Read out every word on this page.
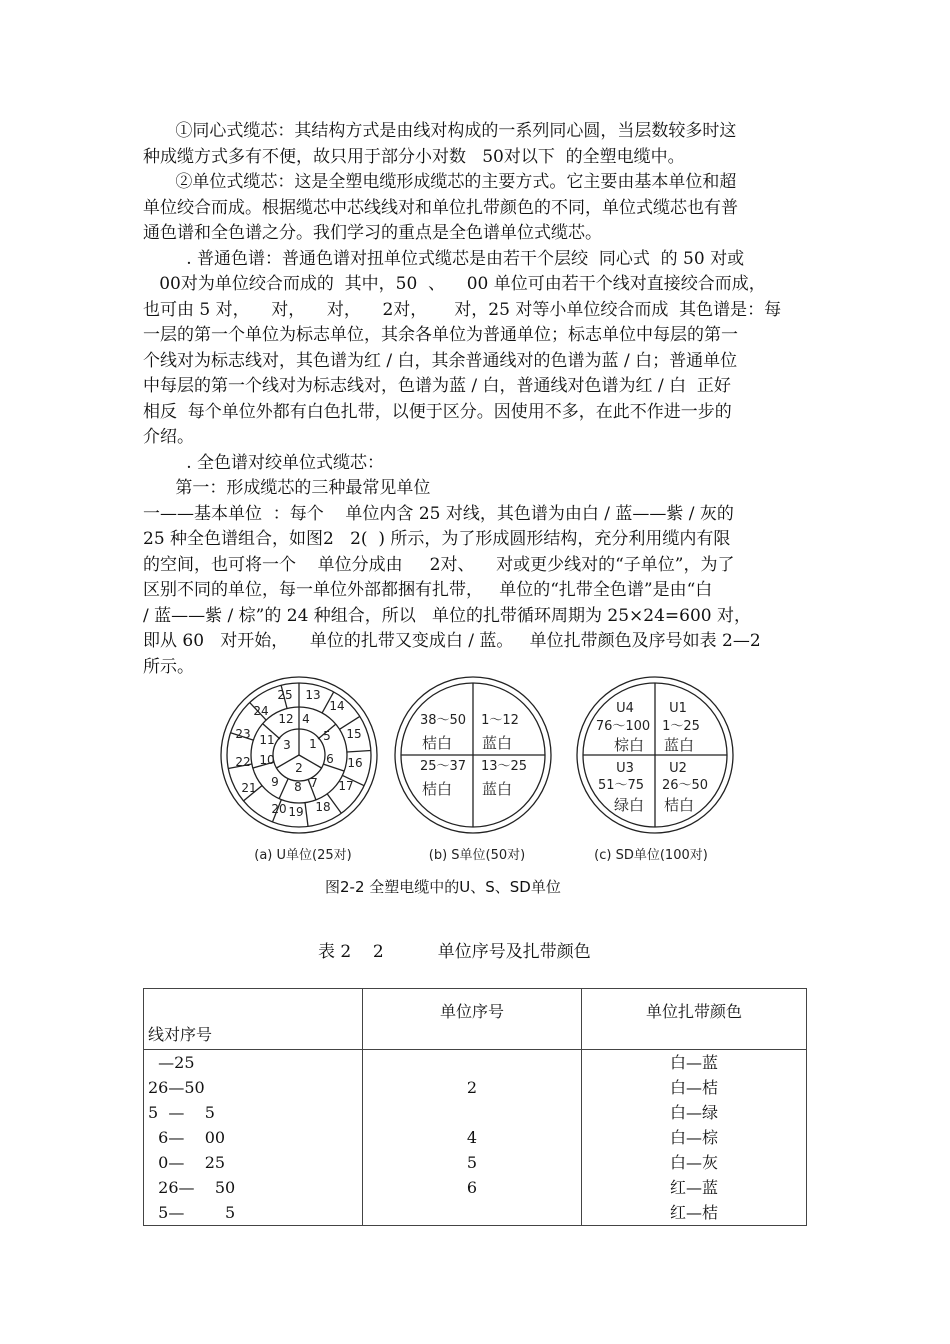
①同心式缆芯：其结构方式是由线对构成的一系列同心圆，当层数较多时这
种成缆方式多有不便，故只用于部分小对数   50对以下  的全塑电缆中。
②单位式缆芯：这是全塑电缆形成缆芯的主要方式。它主要由基本单位和超
单位绞合而成。根据缆芯中芯线线对和单位扎带颜色的不同，单位式缆芯也有普
通色谱和全色谱之分。我们学习的重点是全色谱单位式缆芯。
. 普通色谱：普通色谱对扭单位式缆芯是由若干个层绞  同心式  的 50 对或
00对为单位绞合而成的  其中，50  、    00 单位可由若干个线对直接绞合而成，
也可由 5 对，    对，    对，    2对，     对，25 对等小单位绞合而成  其色谱是：每
一层的第一个单位为标志单位，其余各单位为普通单位；标志单位中每层的第一
个线对为标志线对，其色谱为红 / 白，其余普通线对的色谱为蓝 / 白；普通单位
中每层的第一个线对为标志线对，色谱为蓝 / 白，普通线对色谱为红 / 白  正好
相反  每个单位外都有白色扎带，以便于区分。因使用不多，在此不作进一步的
介绍。
. 全色谱对绞单位式缆芯：
第一：形成缆芯的三种最常见单位
一——基本单位  ：每个    单位内含 25 对线，其色谱为由白 / 蓝——紫 / 灰的
25 种全色谱组合，如图2   2(  ) 所示，为了形成圆形结构，充分利用缆内有限
的空间，也可将一个    单位分成由     2对、    对或更少线对的“子单位”，为了
区别不同的单位，每一单位外部都捆有扎带，   单位的“扎带全色谱”是由“白
/ 蓝——紫 / 棕”的 24 种组合，所以   单位的扎带循环周期为 25×24=600 对，
即从 60   对开始，    单位的扎带又变成白 / 蓝。   单位扎带颜色及序号如表 2—2
所示。
1
2
3
4
5
6
7
8
9
10
11
12
13
14
15
16
17
18
19
20
21
22
23
24
25
1～12
蓝白
38～50
桔白
25～37
桔白
13～25
蓝白
U1
1～25
蓝白
U4
76～100
棕白
U3
51～75
绿白
U2
26～50
桔白
(a) U单位(25对)	(b) S单位(50对)	(c) SD单位(100对)
图2-2 全塑电缆中的U、S、SD单位
表 2    2          单位序号及扎带颜色
线对序号	单位序号	单位扎带颜色
—25		白—蓝
26—50	2	白—桔
5  —    5		白—绿
6—    00	4	白—棕
0—    25	5	白—灰
26—    50	6	红—蓝
5—        5		红—桔
